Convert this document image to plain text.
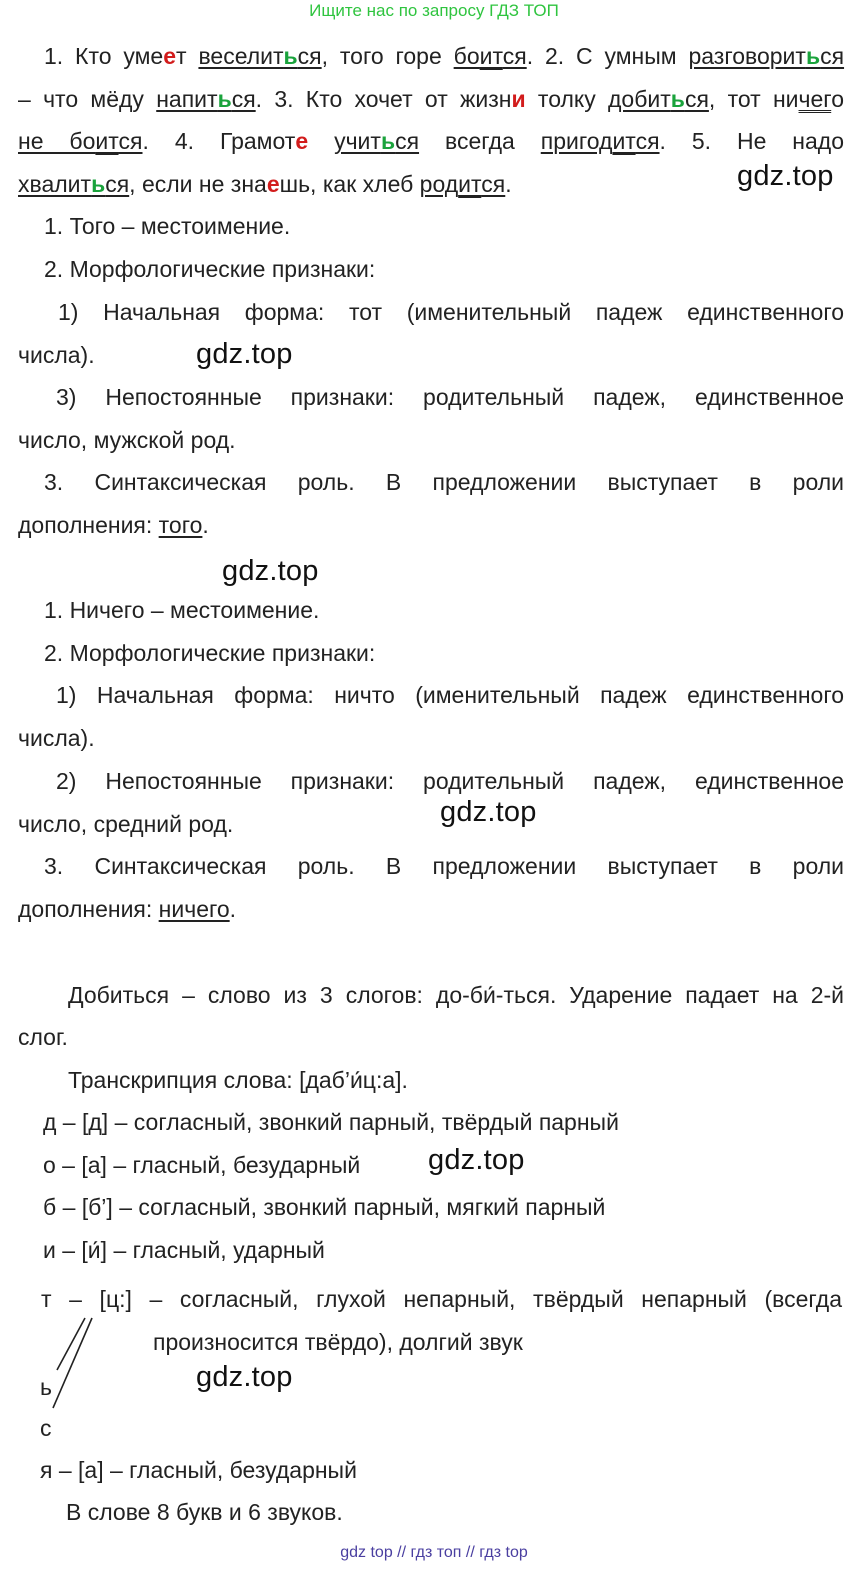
Ищите нас по запросу ГДЗ ТОП
1. Кто умеет веселиться, того горе боится. 2. С умным разговориться
– что мёду напиться. 3. Кто хочет от жизни толку добиться, тот ничего
не боится. 4. Грамоте учиться всегда пригодится. 5. Не надо
хвалиться, если не знаешь, как хлеб родится.	gdz.top
1. Того – местоимение.
2. Морфологические признаки:
1) Начальная форма: тот (именительный падеж единственного
числа).	gdz.top
3) Непостоянные признаки: родительный падеж, единственное
число, мужской род.
3. Синтаксическая роль. В предложении выступает в роли
дополнения: того.
gdz.top
1. Ничего – местоимение.
2. Морфологические признаки:
1) Начальная форма: ничто (именительный падеж единственного
числа).
2) Непостоянные признаки: родительный падеж, единственное
число, средний род.	gdz.top
3. Синтаксическая роль. В предложении выступает в роли
дополнения: ничего.
Добиться – слово из 3 слогов: до-би́-ться. Ударение падает на 2-й
слог.
Транскрипция слова: [даб’и́ц:а].
д – [д] – согласный, звонкий парный, твёрдый парный
о – [а] – гласный, безударный	gdz.top
б – [б’] – согласный, звонкий парный, мягкий парный
и – [и́] – гласный, ударный
т – [ц:] – согласный, глухой непарный, твёрдый непарный (всегда
произносится твёрдо), долгий звук
gdz.top
ь
с
я – [а] – гласный, безударный
В слове 8 букв и 6 звуков.
gdz top // гдз топ // гдз top
